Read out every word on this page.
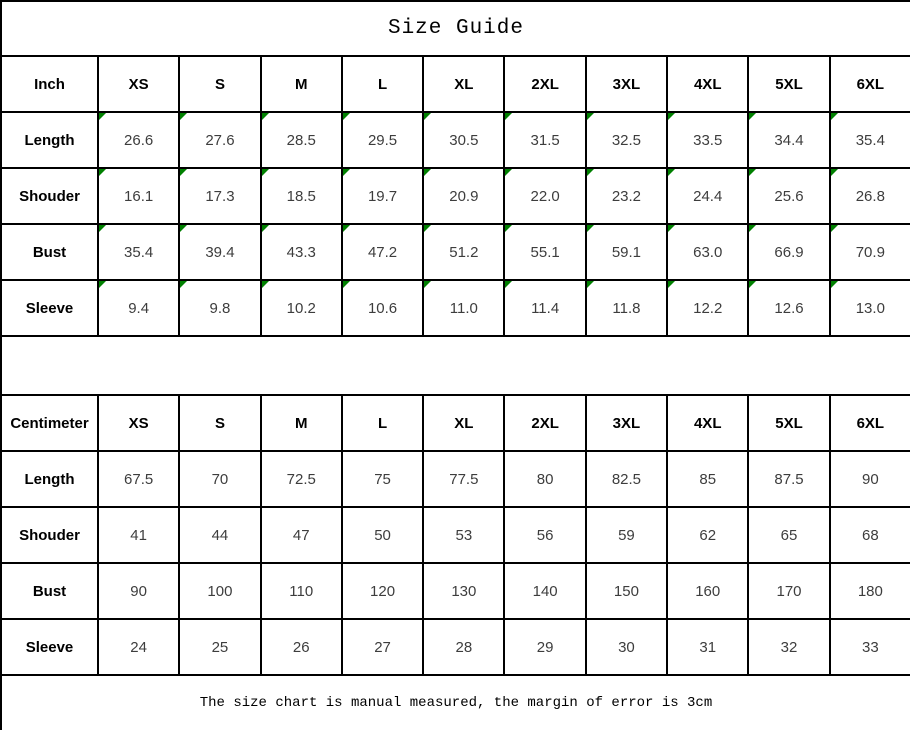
Size Guide										
Inch	XS	S	M	L	XL	2XL	3XL	4XL	5XL	6XL
Length	26.6	27.6	28.5	29.5	30.5	31.5	32.5	33.5	34.4	35.4
Shouder	16.1	17.3	18.5	19.7	20.9	22.0	23.2	24.4	25.6	26.8
Bust	35.4	39.4	43.3	47.2	51.2	55.1	59.1	63.0	66.9	70.9
Sleeve	9.4	9.8	10.2	10.6	11.0	11.4	11.8	12.2	12.6	13.0

Centimeter	XS	S	M	L	XL	2XL	3XL	4XL	5XL	6XL
Length	67.5	70	72.5	75	77.5	80	82.5	85	87.5	90
Shouder	41	44	47	50	53	56	59	62	65	68
Bust	90	100	110	120	130	140	150	160	170	180
Sleeve	24	25	26	27	28	29	30	31	32	33
The size chart is manual measured, the margin of error is 3cm										
